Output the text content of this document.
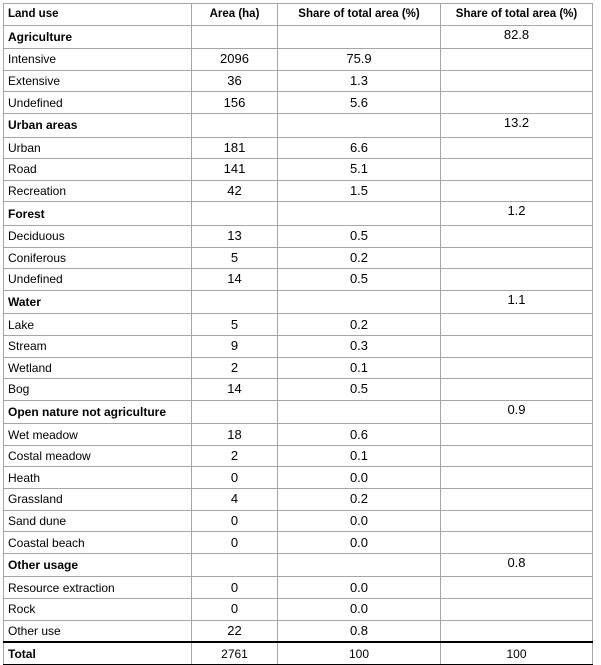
Land use	Area (ha)	Share of total area (%)	Share of total area (%)
Agriculture			82.8
Intensive	2096	75.9	
Extensive	36	1.3	
Undefined	156	5.6	
Urban areas			13.2
Urban	181	6.6	
Road	141	5.1	
Recreation	42	1.5	
Forest			1.2
Deciduous	13	0.5	
Coniferous	5	0.2	
Undefined	14	0.5	
Water			1.1
Lake	5	0.2	
Stream	9	0.3	
Wetland	2	0.1	
Bog	14	0.5	
Open nature not agriculture			0.9
Wet meadow	18	0.6	
Costal meadow	2	0.1	
Heath	0	0.0	
Grassland	4	0.2	
Sand dune	0	0.0	
Coastal beach	0	0.0	
Other usage			0.8
Resource extraction	0	0.0	
Rock	0	0.0	
Other use	22	0.8	
Total	2761	100	100
